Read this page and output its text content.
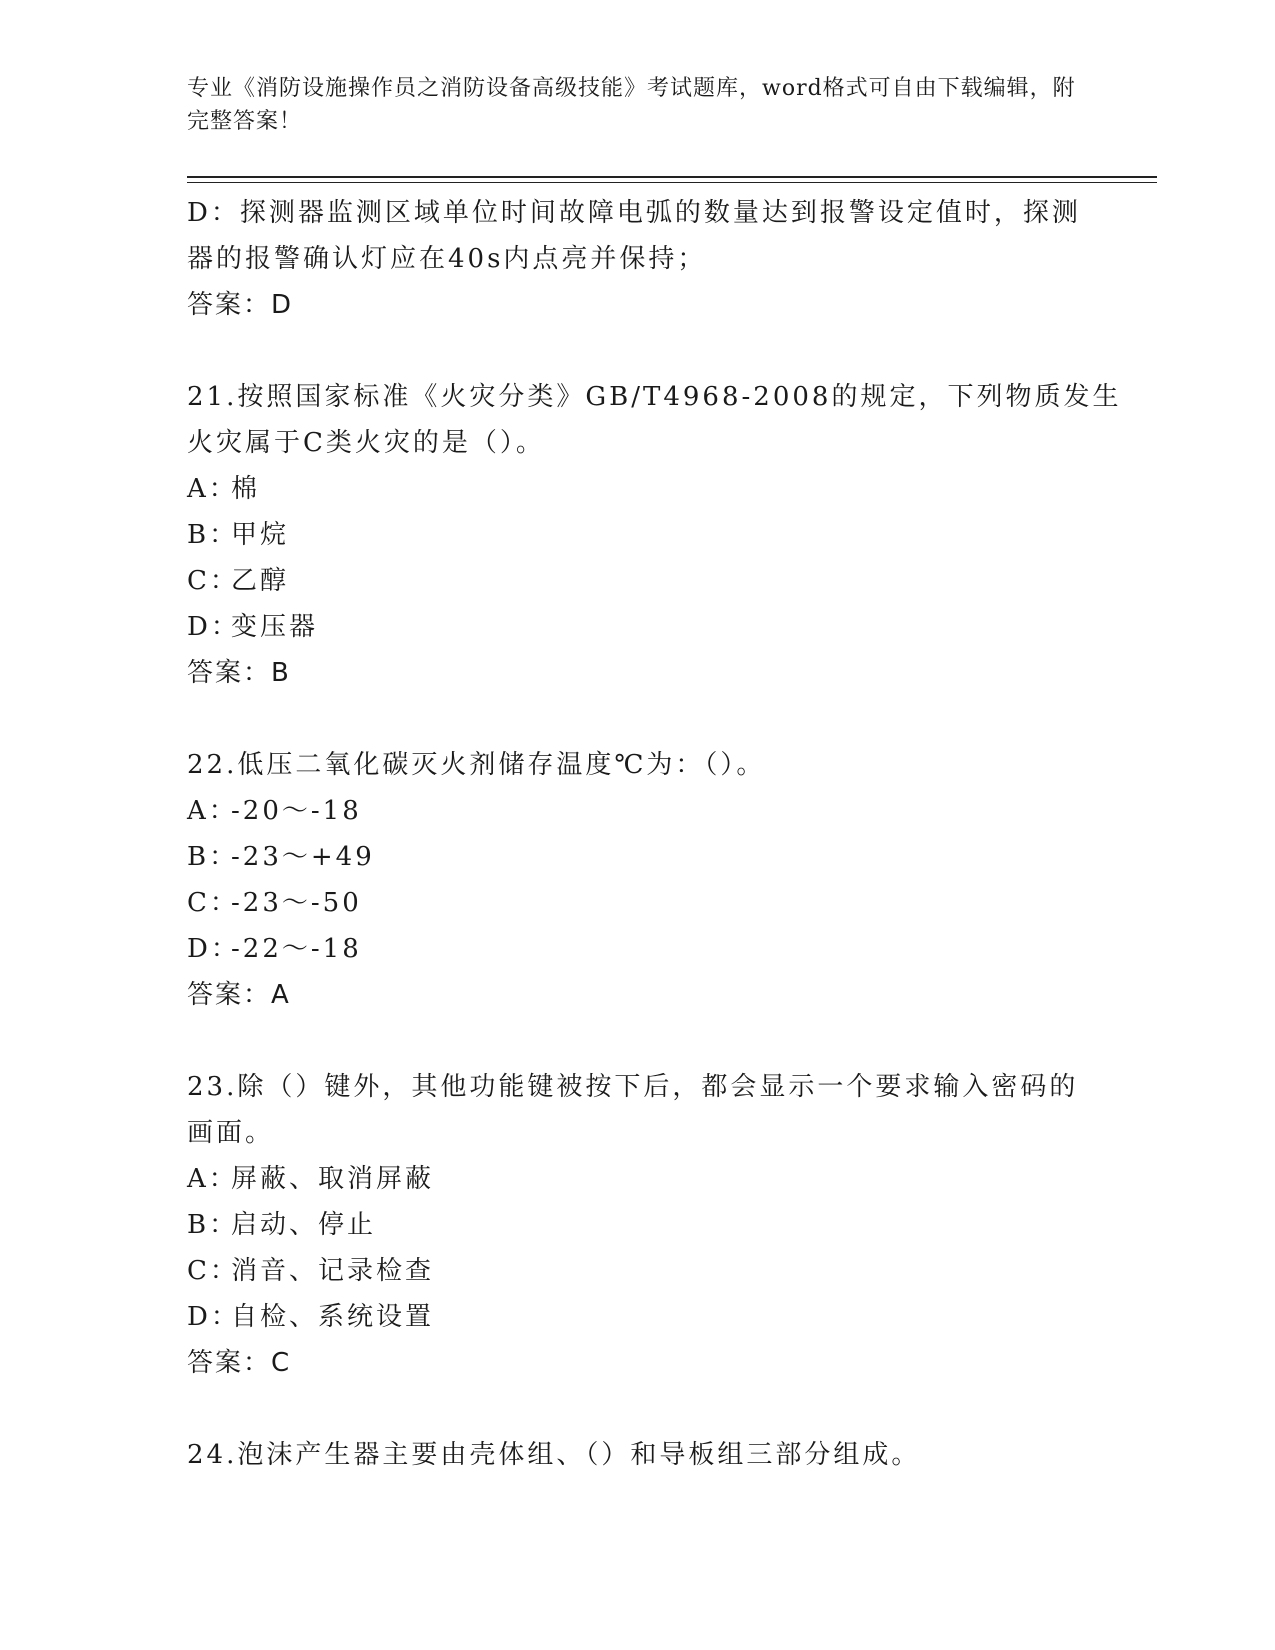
专业《消防设施操作员之消防设备高级技能》考试题库，word格式可自由下载编辑，附完整答案！
D：探测器监测区域单位时间故障电弧的数量达到报警设定值时，探测
器的报警确认灯应在40s内点亮并保持；
答案：D
21.按照国家标准《火灾分类》GB/T4968-2008的规定，下列物质发生
火灾属于C类火灾的是（）。
A：棉
B：甲烷
C：乙醇
D：变压器
答案：B
22.低压二氧化碳灭火剂储存温度℃为：（）。
A：-20～-18
B：-23～+49
C：-23～-50
D：-22～-18
答案：A
23.除（）键外，其他功能键被按下后，都会显示一个要求输入密码的
画面。
A：屏蔽、取消屏蔽
B：启动、停止
C：消音、记录检查
D：自检、系统设置
答案：C
24.泡沫产生器主要由壳体组、（）和导板组三部分组成。
